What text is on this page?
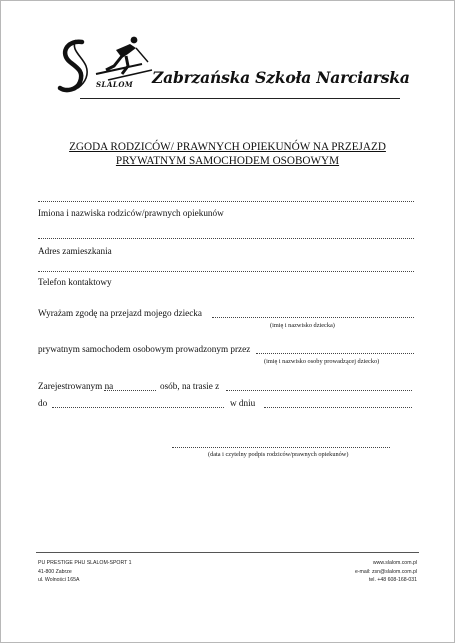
SLALOM Zabrzańska Szkoła Narciarska
ZGODA RODZICÓW/ PRAWNYCH OPIEKUNÓW NA PRZEJAZD
PRYWATNYM SAMOCHODEM OSOBOWYM
Imiona i nazwiska rodziców/prawnych opiekunów
Adres zamieszkania
Telefon kontaktowy
Wyrażam zgodę na przejazd mojego dziecka
(imię i nazwisko dziecka)
prywatnym samochodem osobowym prowadzonym przez
(imię i nazwisko osoby prowadzącej dziecko)
Zarejestrowanym na	osób, na trasie z
do	w dniu
(data i czytelny podpis rodziców/prawnych opiekunów)
PU PRESTIGE PHU SLALOM-SPORT 1
41-800 Zabrze
ul. Wolności 165A
www.slalom.com.pl
e-mail: zsn@slalom.com.pl
tel. +48 608-168-031
